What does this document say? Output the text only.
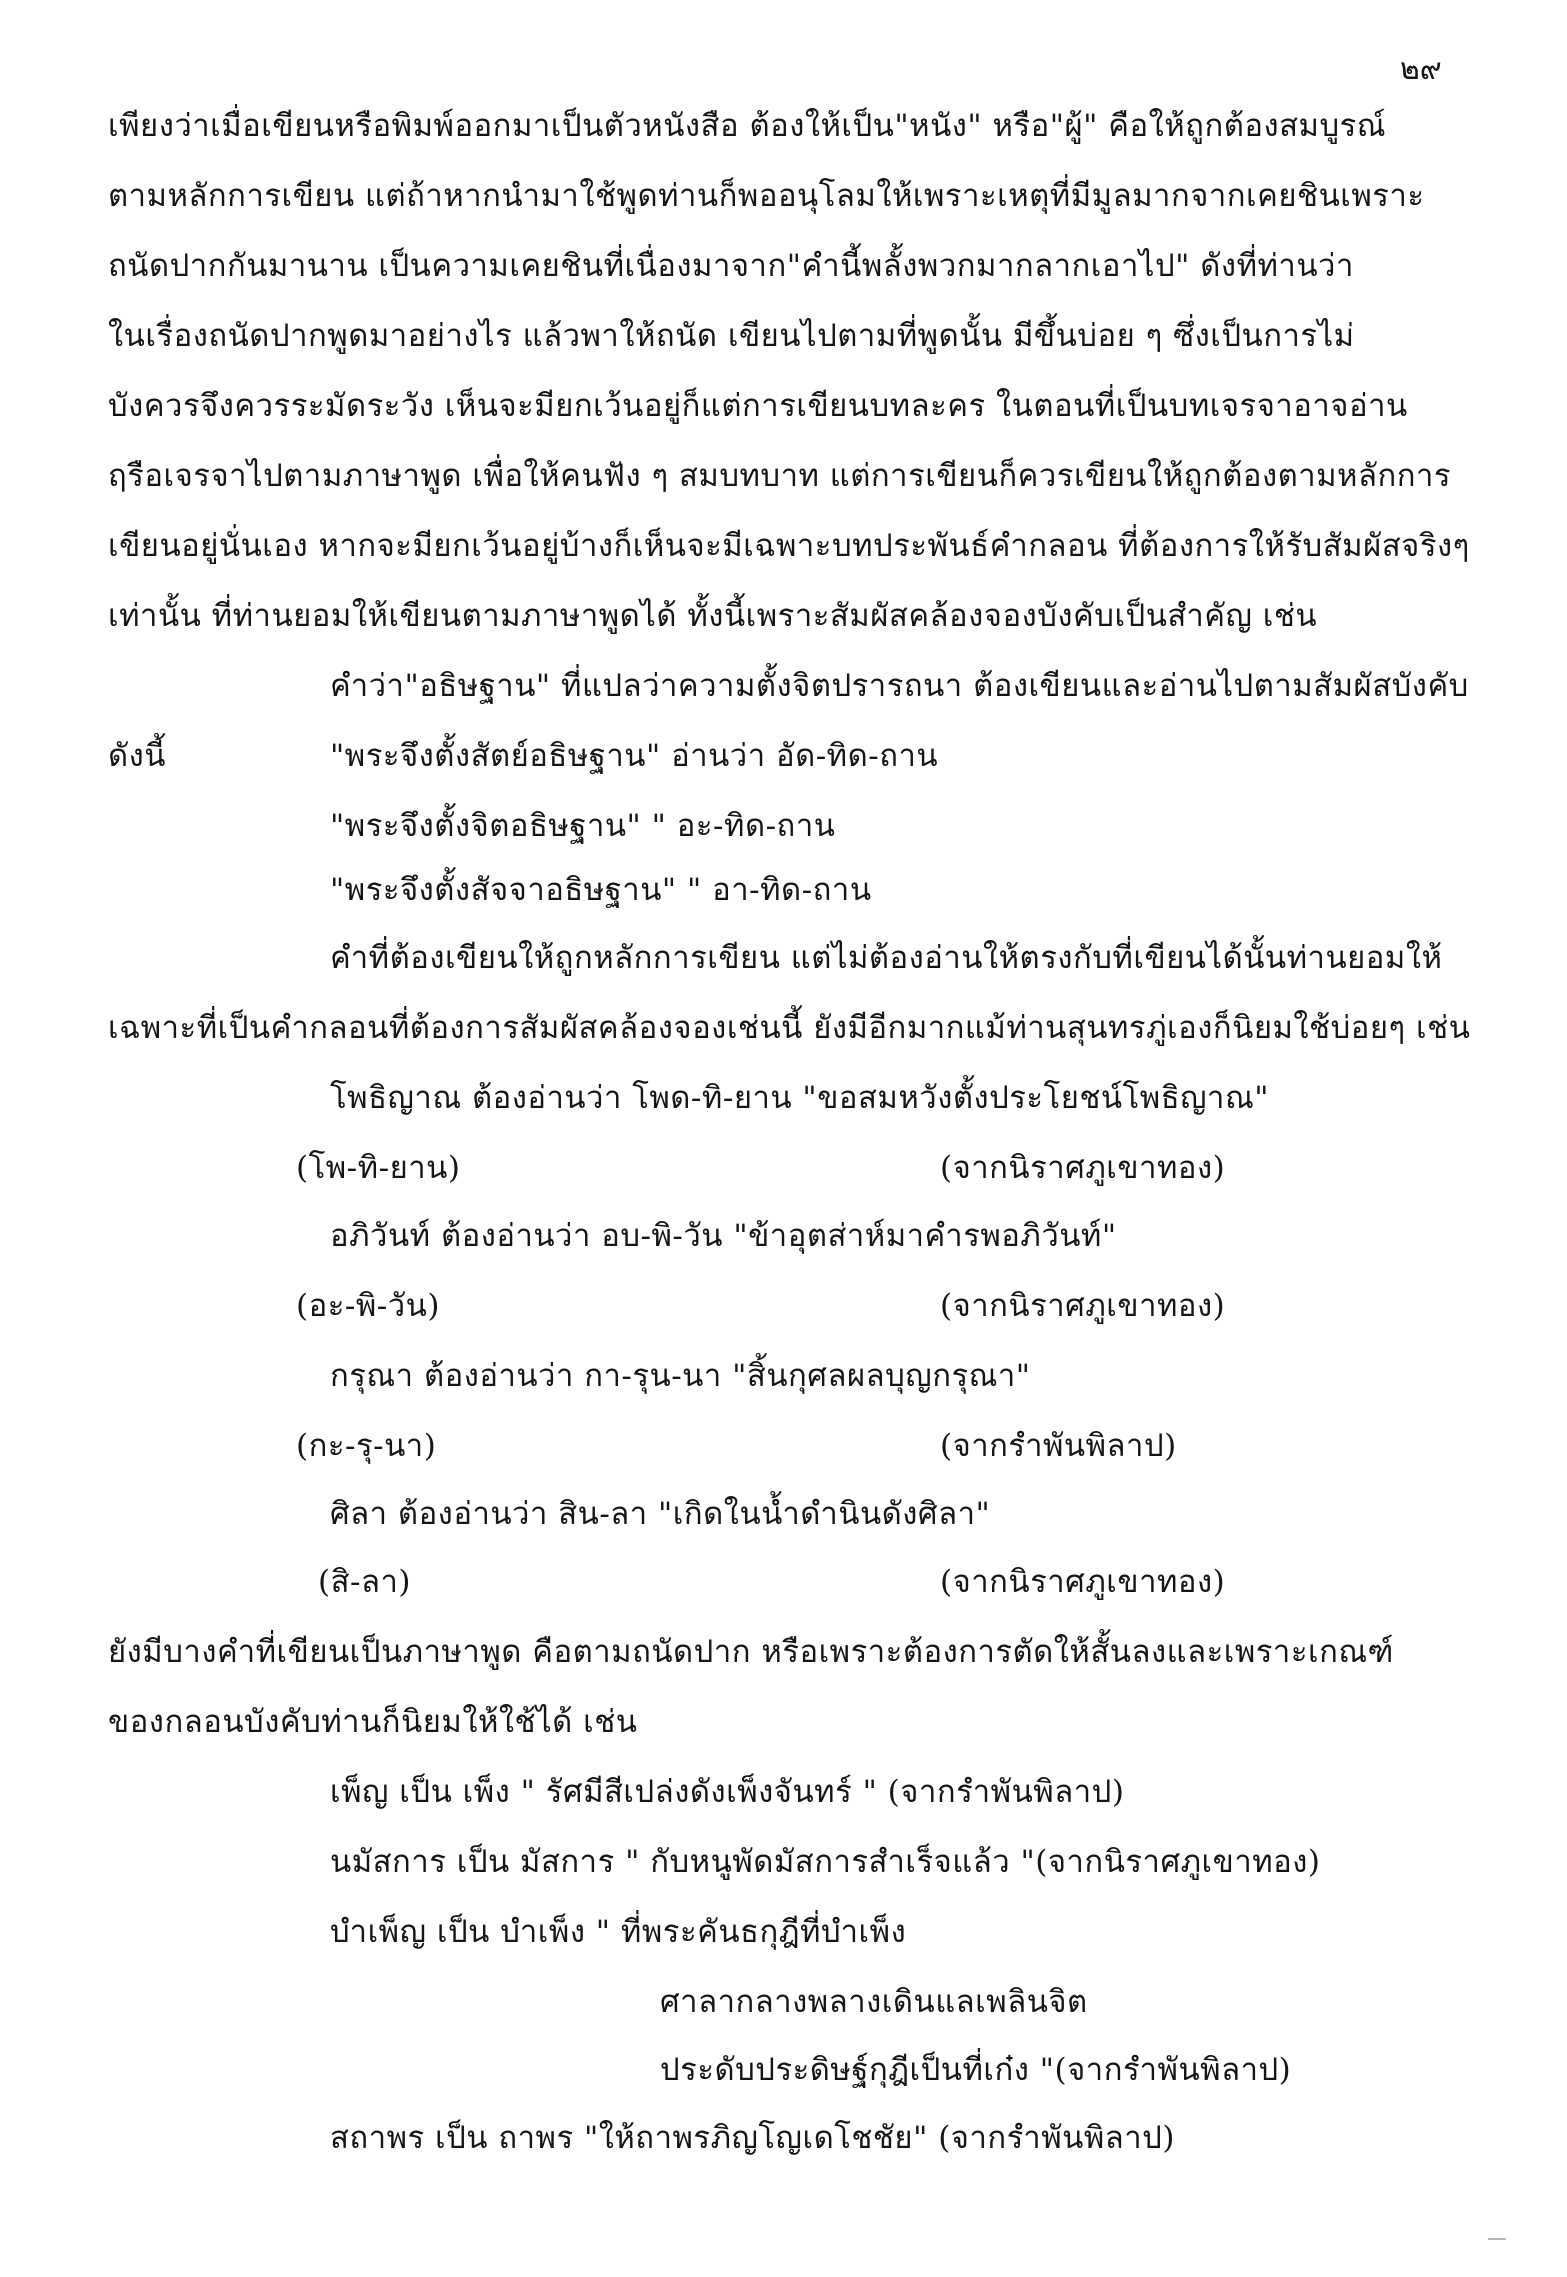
๒๙
เพียงว่าเมื่อเขียนหรือพิมพ์ออกมาเป็นตัวหนังสือ ต้องให้เป็น"หนัง" หรือ"ผู้" คือให้ถูกต้องสมบูรณ์
ตามหลักการเขียน แต่ถ้าหากนำมาใช้พูดท่านก็พออนุโลมให้เพราะเหตุที่มีมูลมากจากเคยชินเพราะ
ถนัดปากกันมานาน เป็นความเคยชินที่เนื่องมาจาก"คำนี้พลั้งพวกมากลากเอาไป" ดังที่ท่านว่า
ในเรื่องถนัดปากพูดมาอย่างไร แล้วพาให้ถนัด เขียนไปตามที่พูดนั้น มีขึ้นบ่อย ๆ ซึ่งเป็นการไม่
บังควรจึงควรระมัดระวัง เห็นจะมียกเว้นอยู่ก็แต่การเขียนบทละคร ในตอนที่เป็นบทเจรจาอาจอ่าน
ฤรือเจรจาไปตามภาษาพูด เพื่อให้คนฟัง ๆ สมบทบาท แต่การเขียนก็ควรเขียนให้ถูกต้องตามหลักการ
เขียนอยู่นั่นเอง หากจะมียกเว้นอยู่บ้างก็เห็นจะมีเฉพาะบทประพันธ์คำกลอน ที่ต้องการให้รับสัมผัสจริงๆ
เท่านั้น ที่ท่านยอมให้เขียนตามภาษาพูดได้ ทั้งนี้เพราะสัมผัสคล้องจองบังคับเป็นสำคัญ เช่น
คำว่า"อธิษฐาน" ที่แปลว่าความตั้งจิตปรารถนา ต้องเขียนและอ่านไปตามสัมผัสบังคับ
ดังนี้	"พระจึงตั้งสัตย์อธิษฐาน" อ่านว่า อัด-ทิด-ถาน
"พระจึงตั้งจิตอธิษฐาน" " อะ-ทิด-ถาน
"พระจึงตั้งสัจจาอธิษฐาน" " อา-ทิด-ถาน
คำที่ต้องเขียนให้ถูกหลักการเขียน แต่ไม่ต้องอ่านให้ตรงกับที่เขียนได้นั้นท่านยอมให้
เฉพาะที่เป็นคำกลอนที่ต้องการสัมผัสคล้องจองเช่นนี้ ยังมีอีกมากแม้ท่านสุนทรภู่เองก็นิยมใช้บ่อยๆ เช่น
โพธิญาณ ต้องอ่านว่า โพด-ทิ-ยาน "ขอสมหวังตั้งประโยชน์โพธิญาณ"
(โพ-ทิ-ยาน)	(จากนิราศภูเขาทอง)
อภิวันท์ ต้องอ่านว่า อบ-พิ-วัน "ข้าอุตส่าห์มาคำรพอภิวันท์"
(อะ-พิ-วัน)	(จากนิราศภูเขาทอง)
กรุณา ต้องอ่านว่า กา-รุน-นา "สิ้นกุศลผลบุญกรุณา"
(กะ-รุ-นา)	(จากรำพันพิลาป)
ศิลา ต้องอ่านว่า สิน-ลา "เกิดในน้ำดำนินดังศิลา"
(สิ-ลา)	(จากนิราศภูเขาทอง)
ยังมีบางคำที่เขียนเป็นภาษาพูด คือตามถนัดปาก หรือเพราะต้องการตัดให้สั้นลงและเพราะเกณฑ์
ของกลอนบังคับท่านก็นิยมให้ใช้ได้ เช่น
เพ็ญ เป็น เพ็ง " รัศมีสีเปล่งดังเพ็งจันทร์ " (จากรำพันพิลาป)
นมัสการ เป็น มัสการ " กับหนูพัดมัสการสำเร็จแล้ว "(จากนิราศภูเขาทอง)
บำเพ็ญ เป็น บำเพ็ง " ที่พระคันธกุฎีที่บำเพ็ง
ศาลากลางพลางเดินแลเพลินจิต
ประดับประดิษฐ์กุฎีเป็นที่เก๋ง "(จากรำพันพิลาป)
สถาพร เป็น ถาพร "ให้ถาพรภิญโญเดโชชัย" (จากรำพันพิลาป)
